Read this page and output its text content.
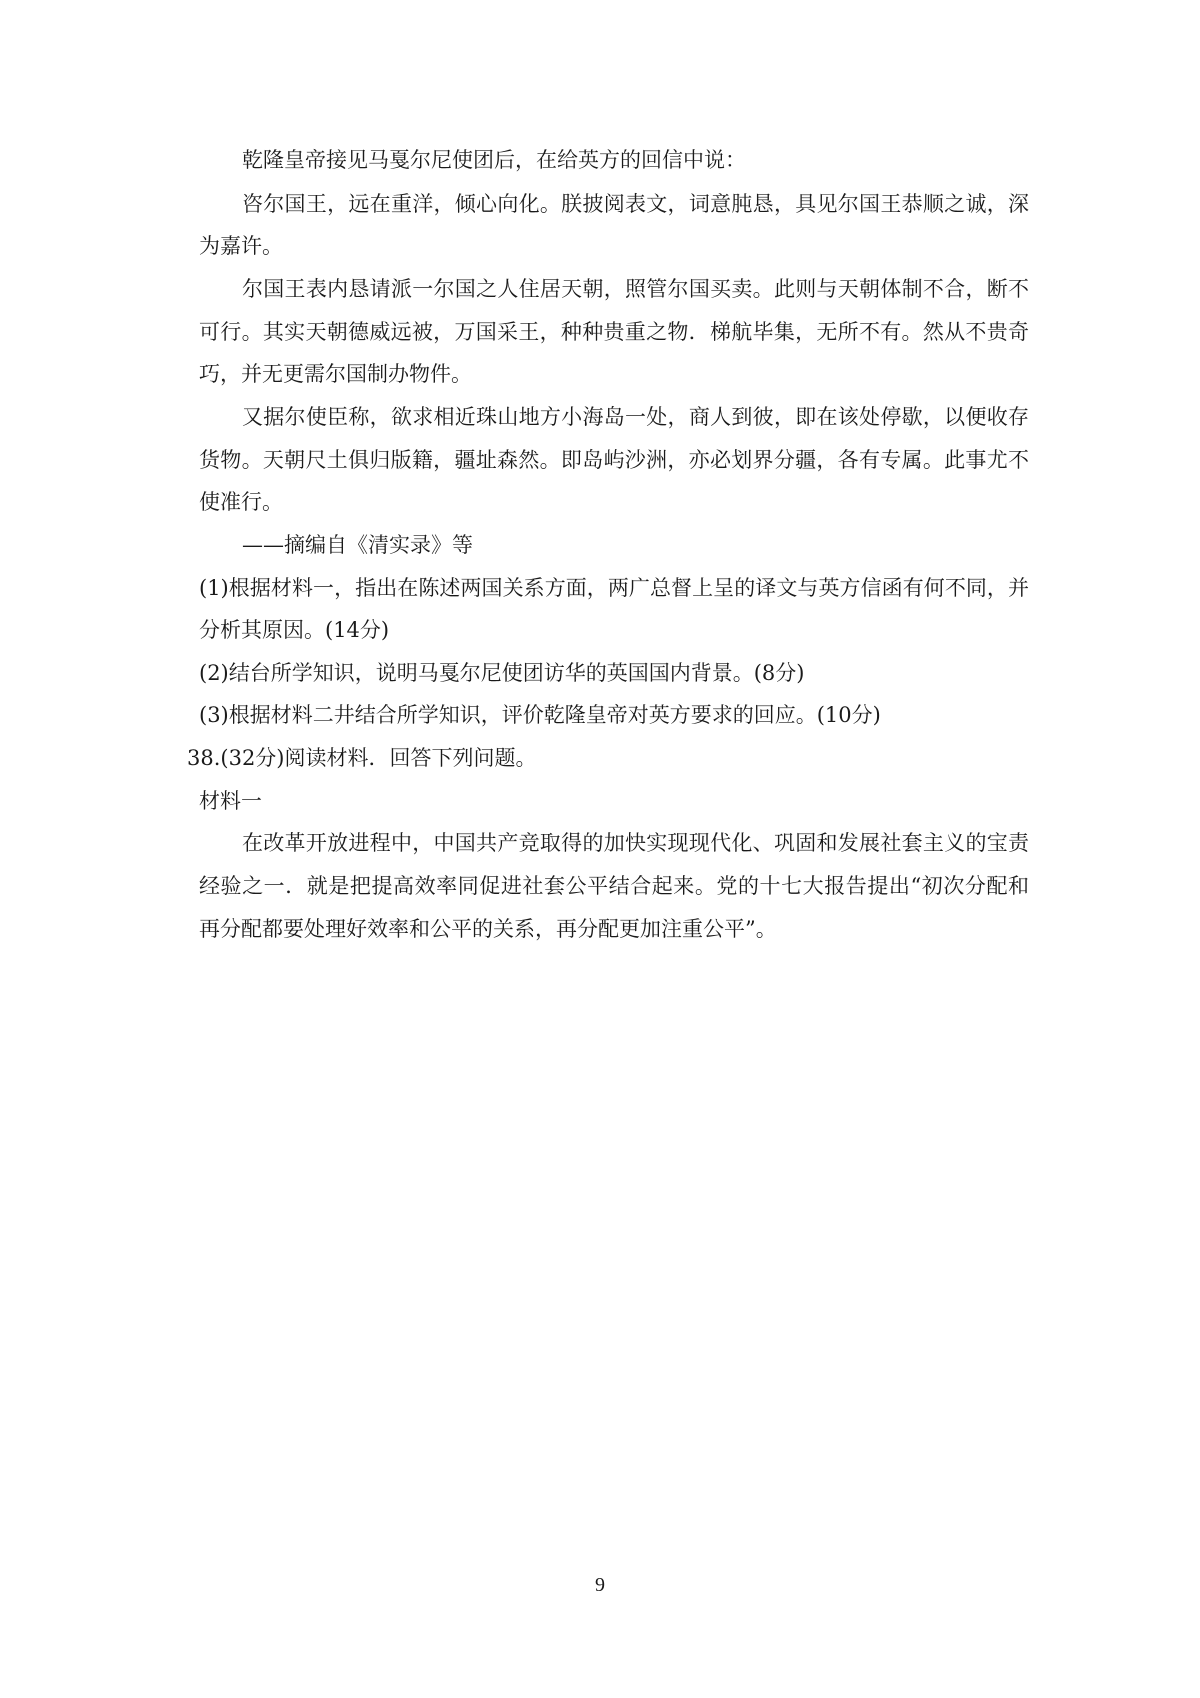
乾隆皇帝接见马戛尔尼使团后，在给英方的回信中说：
咨尔国王，远在重洋，倾心向化。朕披阅表文，词意肫恳，具见尔国王恭顺之诚，深
为嘉许。
尔国王表内恳请派一尔国之人住居天朝，照管尔国买卖。此则与天朝体制不合，断不
可行。其实天朝德威远被，万国采王，种种贵重之物．梯航毕集，无所不有。然从不贵奇
巧，并无更需尔国制办物件。
又据尔使臣称，欲求相近珠山地方小海岛一处，商人到彼，即在该处停歇，以便收存
货物。天朝尺土俱归版籍，疆址森然。即岛屿沙洲，亦必划界分疆，各有专属。此事尤不
使准行。
——摘编自《清实录》等
(1)根据材料一，指出在陈述两国关系方面，两广总督上呈的译文与英方信函有何不同，并
分析其原因。(14分)
(2)结台所学知识，说明马戛尔尼使团访华的英国国内背景。(8分)
(3)根据材料二井结合所学知识，评价乾隆皇帝对英方要求的回应。(10分)
38.(32分)阅读材料．回答下列问题。
材料一
在改革开放进程中，中国共产竞取得的加快实现现代化、巩固和发展社套主义的宝责
经验之一．就是把提高效率同促进社套公平结合起来。党的十七大报告提出“初次分配和
再分配都要处理好效率和公平的关系，再分配更加注重公平”。
9
